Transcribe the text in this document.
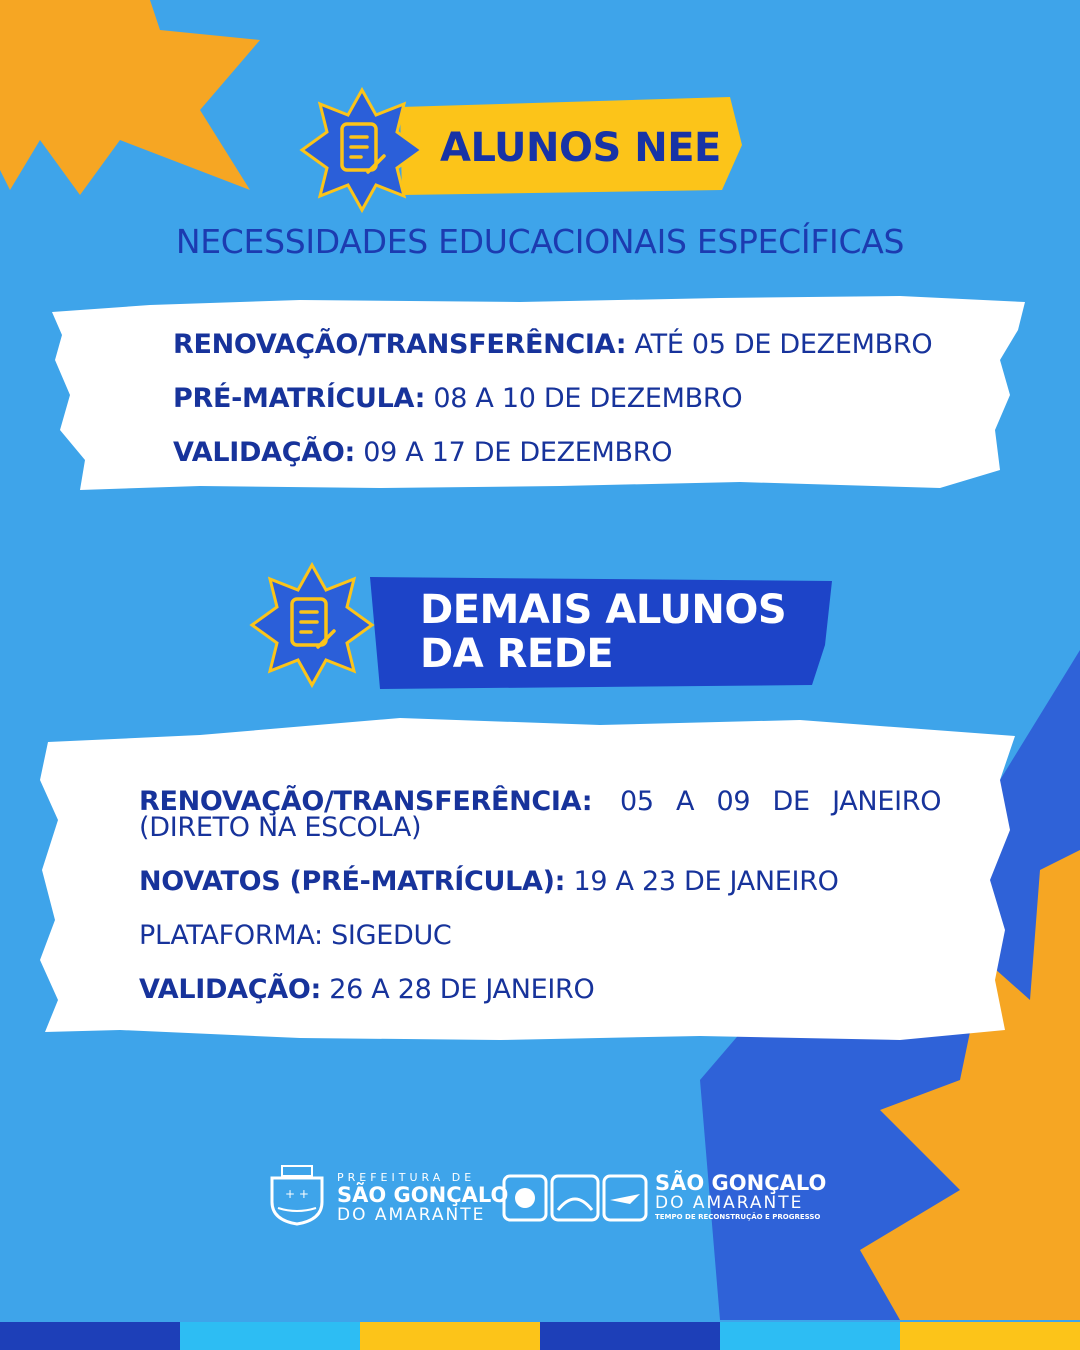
ALUNOS NEE
NECESSIDADES EDUCACIONAIS ESPECÍFICAS
RENOVAÇÃO/TRANSFERÊNCIA: ATÉ 05 DE DEZEMBRO
PRÉ-MATRÍCULA: 08 A 10 DE DEZEMBRO
VALIDAÇÃO: 09 A 17 DE DEZEMBRO
DEMAIS ALUNOS
DA REDE
RENOVAÇÃO/TRANSFERÊNCIA: 05 A 09 DE JANEIRO
(DIRETO NA ESCOLA)
NOVATOS (PRÉ-MATRÍCULA): 19 A 23 DE JANEIRO
PLATAFORMA: SIGEDUC
VALIDAÇÃO: 26 A 28 DE JANEIRO
+ +
PREFEITURA DE
SÃO GONÇALO
DO AMARANTE
SÃO GONÇALO
DO AMARANTE
TEMPO DE RECONSTRUÇÃO E PROGRESSO
